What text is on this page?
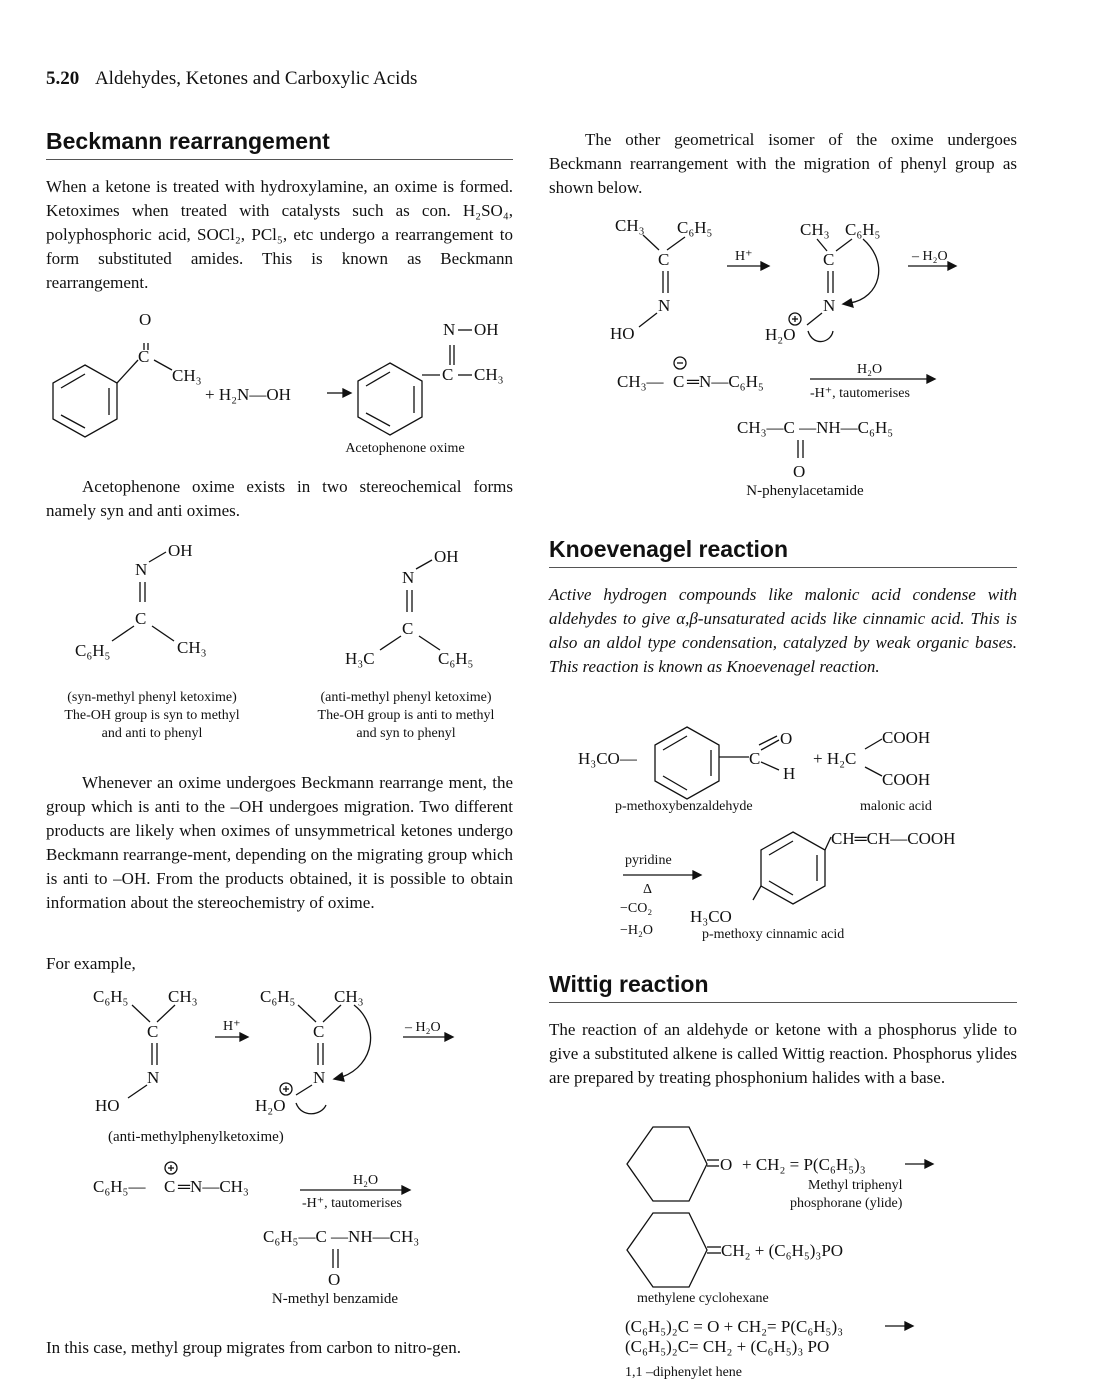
5.20 Aldehydes, Ketones and Carboxylic Acids
Beckmann rearrangement
When a ketone is treated with hydroxylamine, an oxime is formed. Ketoximes when treated with catalysts such as con. H₂SO₄, polyphosphoric acid, SOCl₂, PCl₅, etc undergo a rearrangement to form substituted amides. This is known as Beckmann rearrangement.
C
O
CH₃
+ H₂N—OH
C
N OH
CH₃
Acetophenone oxime
Acetophenone oxime exists in two stereochemical forms namely syn and anti oximes.
N
OH
C
C₆H₅	CH₃
N
OH
C
H₃C	C₆H₅
(syn-methyl phenyl ketoxime)
The-OH group is syn to methyl
and anti to phenyl
(anti-methyl phenyl ketoxime)
The-OH group is anti to methyl
and syn to phenyl
Whenever an oxime undergoes Beckmann rearrange ment, the group which is anti to the –OH undergoes migration. Two different products are likely when oximes of unsymmetrical ketones undergo Beckmann rearrange-ment, depending on the migrating group which is anti to –OH. From the products obtained, it is possible to obtain information about the stereochemistry of oxime.
For example,
C₆H₅ CH₃
C
N
HO
H⁺
C₆H₅ CH₃
C
N
H₂O
– H₂O
(anti-methylphenylketoxime)
C₆H₅— C ═N—CH₃	H₂O
-H⁺, tautomerises
C₆H₅—C —NH—CH₃
O
N-methyl benzamide
In this case, methyl group migrates from carbon to nitro-gen.
The other geometrical isomer of the oxime undergoes Beckmann rearrangement with the migration of phenyl group as shown below.
CH₃ C₆H₅
C
N
HO
H⁺
CH₃ C₆H₅
C
N
H₂O
– H₂O
CH₃— C ═N—C₆H₅
H₂O
-H⁺, tautomerises
CH₃—C —NH—C₆H₅
O
N-phenylacetamide
Knoevenagel reaction
Active hydrogen compounds like malonic acid condense with aldehydes to give α,β-unsaturated acids like cinnamic acid. This is also an aldol type condensation, catalyzed by weak organic bases. This reaction is known as Knoevenagel reaction.
H₃CO—	C
O
H
+ H₂C
COOH
COOH
p-methoxybenzaldehyde	malonic acid
pyridine
Δ
−CO₂
−H₂O
CH═CH—COOH
H₃CO
p-methoxy cinnamic acid
Wittig reaction
The reaction of an aldehyde or ketone with a phosphorus ylide to give a substituted alkene is called Wittig reaction. Phosphorus ylides are prepared by treating phosphonium halides with a base.
O + CH₂ = P(C₆H₅)₃
Methyl triphenyl
phosphorane (ylide)
CH₂ + (C₆H₅)₃PO
methylene cyclohexane
(C₆H₅)₂C = O + CH₂= P(C₆H₅)₃
(C₆H₅)₂C= CH₂ + (C₆H₅)₃ PO
1,1 –diphenylet hene
